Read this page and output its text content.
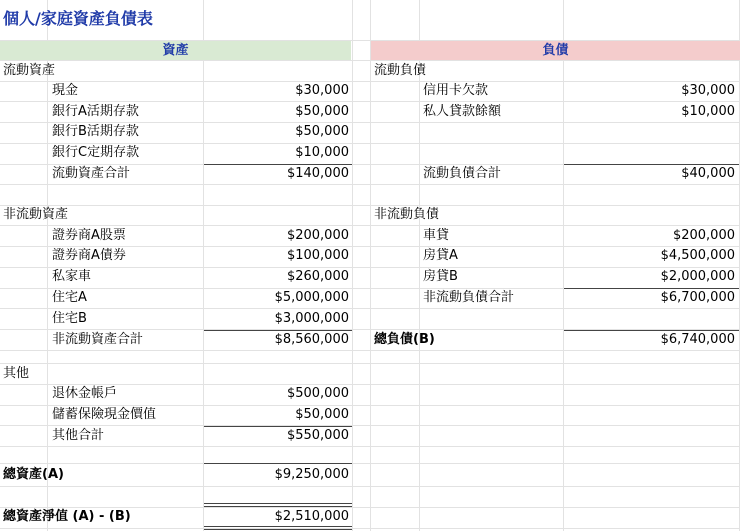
個人/家庭資產負債表
資產	負債
流動資產
現金	$30,000
銀行A活期存款	$50,000
銀行B活期存款	$50,000
銀行C定期存款	$10,000
流動資產合計	$140,000
非流動資產
證券商A股票	$200,000
證券商A債券	$100,000
私家車	$260,000
住宅A	$5,000,000
住宅B	$3,000,000
非流動資產合計	$8,560,000
其他
退休金帳戶	$500,000
儲蓄保險現金價值	$50,000
其他合計	$550,000
總資產(A)	$9,250,000
總資產淨值 (A) - (B)	$2,510,000
流動負債
信用卡欠款	$30,000
私人貸款餘額	$10,000
流動負債合計	$40,000
非流動負債
車貸	$200,000
房貸A	$4,500,000
房貸B	$2,000,000
非流動負債合計	$6,700,000
總負債(B)	$6,740,000
